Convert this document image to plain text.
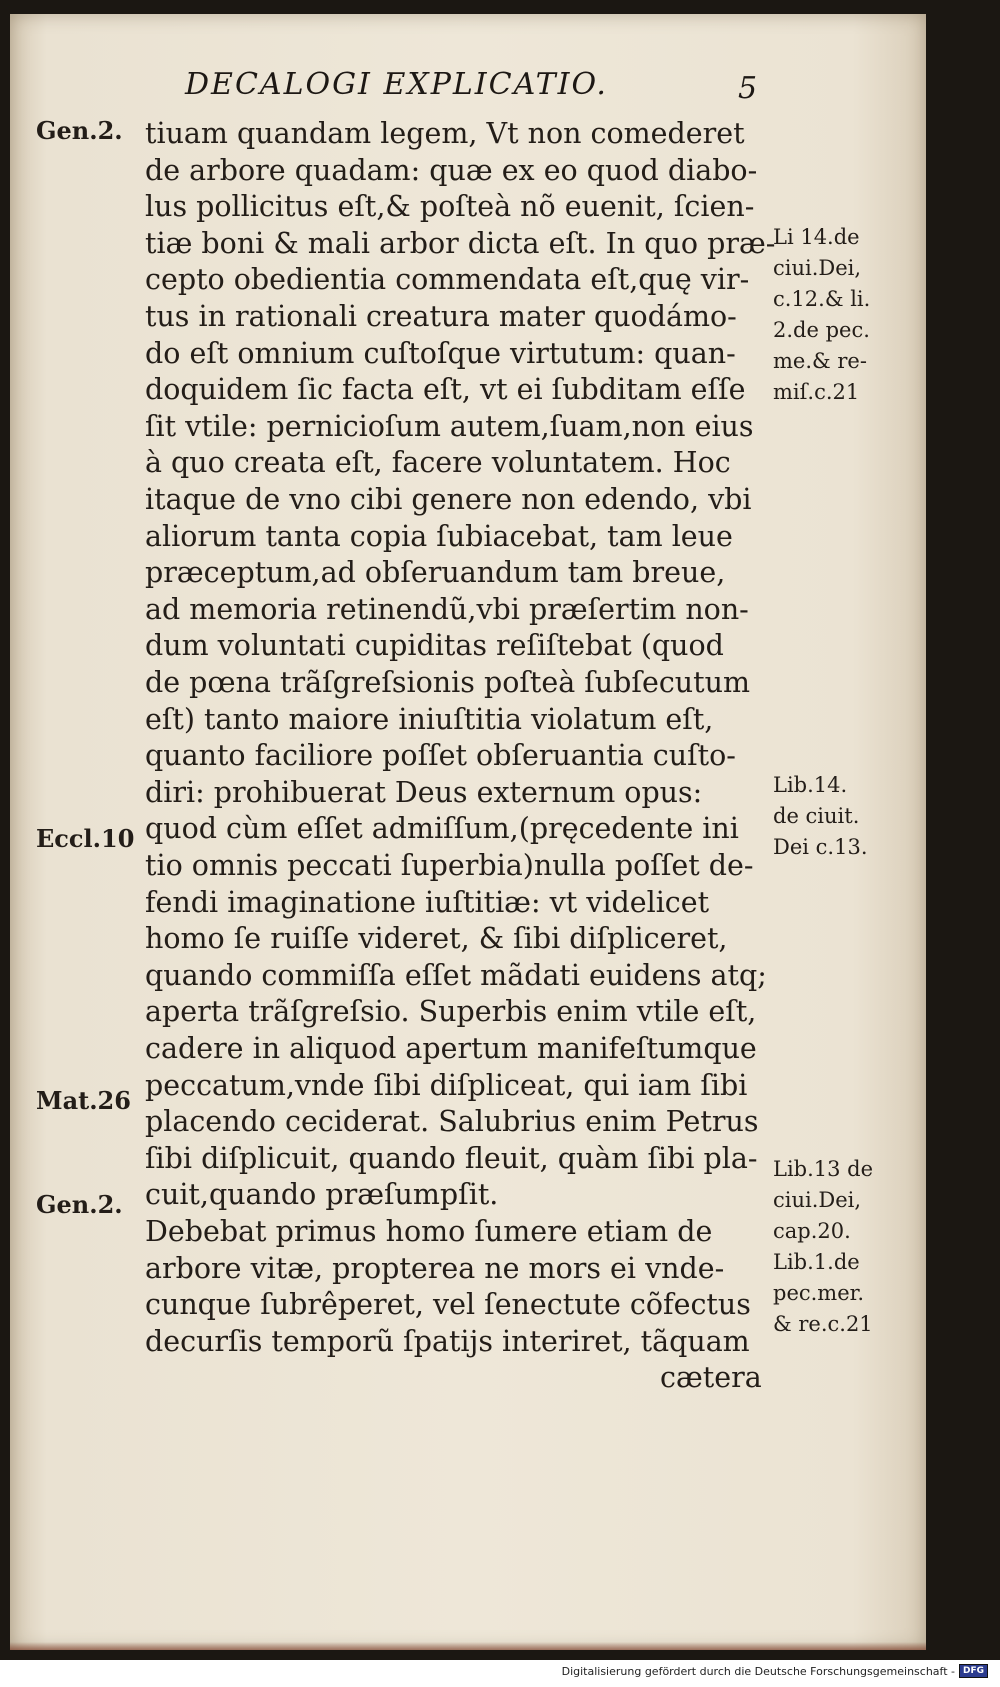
DECALOGI EXPLICATIO.	5
tiuam quandam legem, Vt non comederet
de arbore quadam: quæ ex eo quod diabo-
lus pollicitus eſt,& poſteà nõ euenit, ſcien-
tiæ boni & mali arbor dicta eſt. In quo præ-
cepto obedientia commendata eſt,quę vir-
tus in rationali creatura mater quodámo-
do eſt omnium cuſtoſque virtutum: quan-
doquidem ſic facta eſt, vt ei ſubditam eſſe
ſit vtile: pernicioſum autem,ſuam,non eius
à quo creata eſt, facere voluntatem. Hoc
itaque de vno cibi genere non edendo, vbi
aliorum tanta copia ſubiacebat, tam leue
præceptum,ad obſeruandum tam breue,
ad memoria retinendũ,vbi præſertim non-
dum voluntati cupiditas reſiſtebat (quod
de pœna trãſgreſsionis poſteà ſubſecutum
eſt) tanto maiore iniuſtitia violatum eſt,
quanto faciliore poſſet obſeruantia cuſto-
diri: prohibuerat Deus externum opus:
quod cùm eſſet admiſſum,(pręcedente ini
tio omnis peccati ſuperbia)nulla poſſet de-
fendi imaginatione iuſtitiæ: vt videlicet
homo ſe ruiſſe videret, & ſibi diſpliceret,
quando commiſſa eſſet mãdati euidens atq;
aperta trãſgreſsio. Superbis enim vtile eſt,
cadere in aliquod apertum manifeſtumque
peccatum,vnde ſibi diſpliceat, qui iam ſibi
placendo ceciderat. Salubrius enim Petrus
ſibi diſplicuit, quando fleuit, quàm ſibi pla-
cuit,quando præſumpſit.
Debebat primus homo ſumere etiam de
arbore vitæ, propterea ne mors ei vnde-
cunque ſubrêperet, vel ſenectute cõfectus
decurſis temporũ ſpatijs interiret, tãquam
cætera
Gen.2.
Eccl.10
Mat.26
Gen.2.
Li 14.de
ciui.Dei,
c.12.& li.
2.de pec.
me.& re-
miſ.c.21
Lib.14.
de ciuit.
Dei c.13.
Lib.13 de
ciui.Dei,
cap.20.
Lib.1.de
pec.mer.
& re.c.21
Digitalisierung gefördert durch die Deutsche Forschungsgemeinschaft - DFG
